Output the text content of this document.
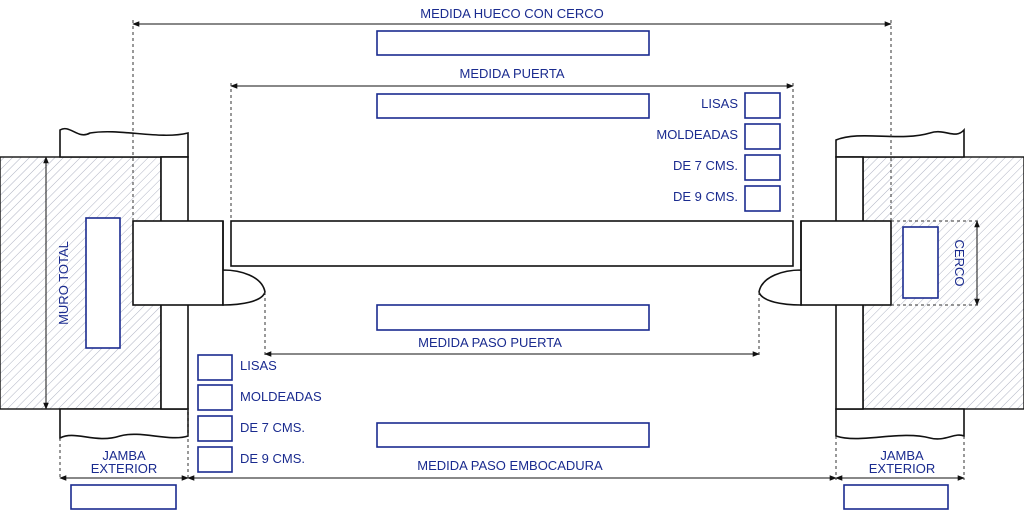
MEDIDA HUECO CON CERCO
MEDIDA PUERTA
MEDIDA PASO PUERTA
MEDIDA PASO EMBOCADURA
MURO TOTAL	CERCO
JAMBA
EXTERIOR
JAMBA
EXTERIOR
LISAS
MOLDEADAS
DE 7 CMS.
DE 9 CMS.
LISAS
MOLDEADAS
DE 7 CMS.
DE 9 CMS.
